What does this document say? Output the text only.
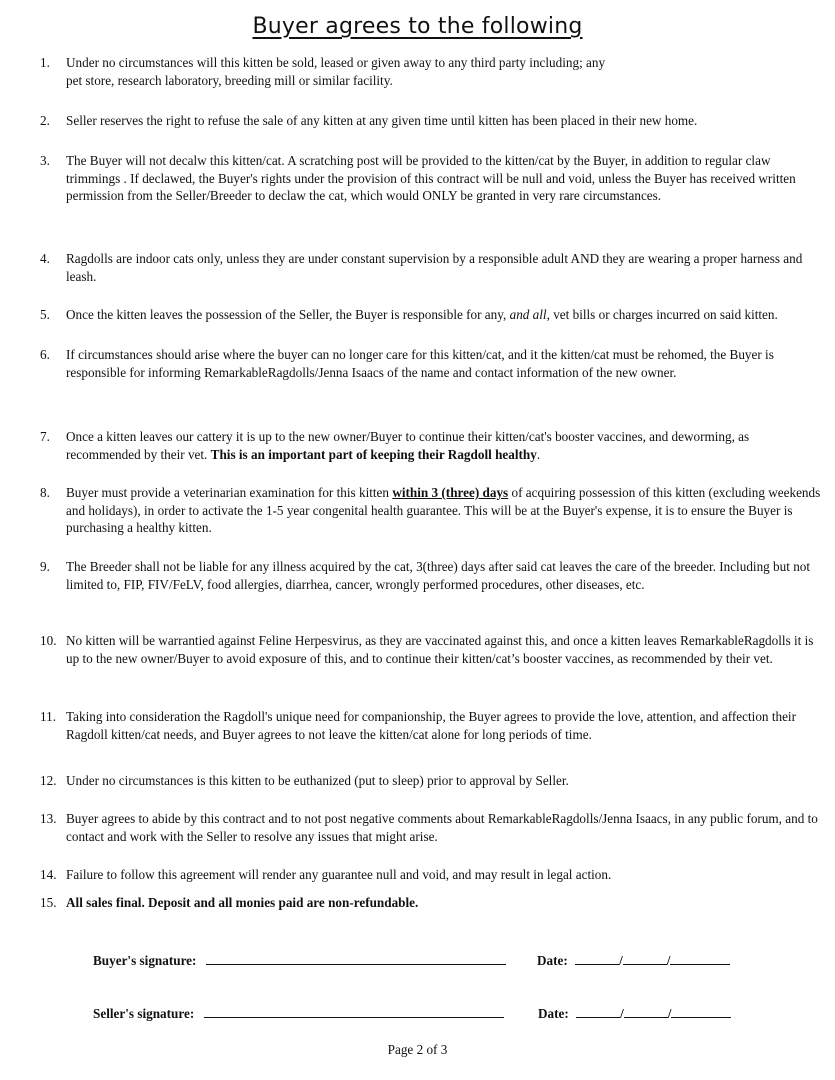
Buyer agrees to the following
1.	Under no circumstances will this kitten be sold, leased or given away to any third party including; any
pet store, research laboratory, breeding mill or similar facility.
2.	Seller reserves the right to refuse the sale of any kitten at any given time until kitten has been placed in their new home.
3.	The Buyer will not decalw this kitten/cat. A scratching post will be provided to the kitten/cat by the Buyer, in addition to regular claw trimmings . If declawed, the Buyer's rights under the provision of this contract will be null and void, unless the Buyer has received written permission from the Seller/Breeder to declaw the cat, which would ONLY be granted in very rare circumstances.
4.	Ragdolls are indoor cats only, unless they are under constant supervision by a responsible adult AND they are wearing a proper harness and leash.
5.	Once the kitten leaves the possession of the Seller, the Buyer is responsible for any, and all, vet bills or charges incurred on said kitten.
6.	If circumstances should arise where the buyer can no longer care for this kitten/cat, and it the kitten/cat must be rehomed, the Buyer is responsible for informing RemarkableRagdolls/Jenna Isaacs of the name and contact information of the new owner.
7.	Once a kitten leaves our cattery it is up to the new owner/Buyer to continue their kitten/cat's booster vaccines, and deworming, as recommended by their vet. This is an important part of keeping their Ragdoll healthy.
8.	Buyer must provide a veterinarian examination for this kitten within 3 (three) days of acquiring possession of this kitten (excluding weekends and holidays), in order to activate the 1-5 year congenital health guarantee. This will be at the Buyer's expense, it is to ensure the Buyer is purchasing a healthy kitten.
9.	The Breeder shall not be liable for any illness acquired by the cat, 3(three) days after said cat leaves the care of the breeder. Including but not limited to, FIP, FIV/FeLV, food allergies, diarrhea, cancer, wrongly performed procedures, other diseases, etc.
10. No kitten will be warrantied against Feline Herpesvirus, as they are vaccinated against this, and once a kitten leaves RemarkableRagdolls it is up to the new owner/Buyer to avoid exposure of this, and to continue their kitten/cat’s booster vaccines, as recommended by their vet.
11. Taking into consideration the Ragdoll's unique need for companionship, the Buyer agrees to provide the love, attention, and affection their Ragdoll kitten/cat needs, and Buyer agrees to not leave the kitten/cat alone for long periods of time.
12. Under no circumstances is this kitten to be euthanized (put to sleep) prior to approval by Seller.
13. Buyer agrees to abide by this contract and to not post negative comments about RemarkableRagdolls/Jenna Isaacs, in any public forum, and to contact and work with the Seller to resolve any issues that might arise.
14. Failure to follow this agreement will render any guarantee null and void, and may result in legal action.
15. All sales final. Deposit and all monies paid are non-refundable.
Buyer's signature:	Date:	/	/
Seller's signature:	Date:	/	/
Page 2 of 3
